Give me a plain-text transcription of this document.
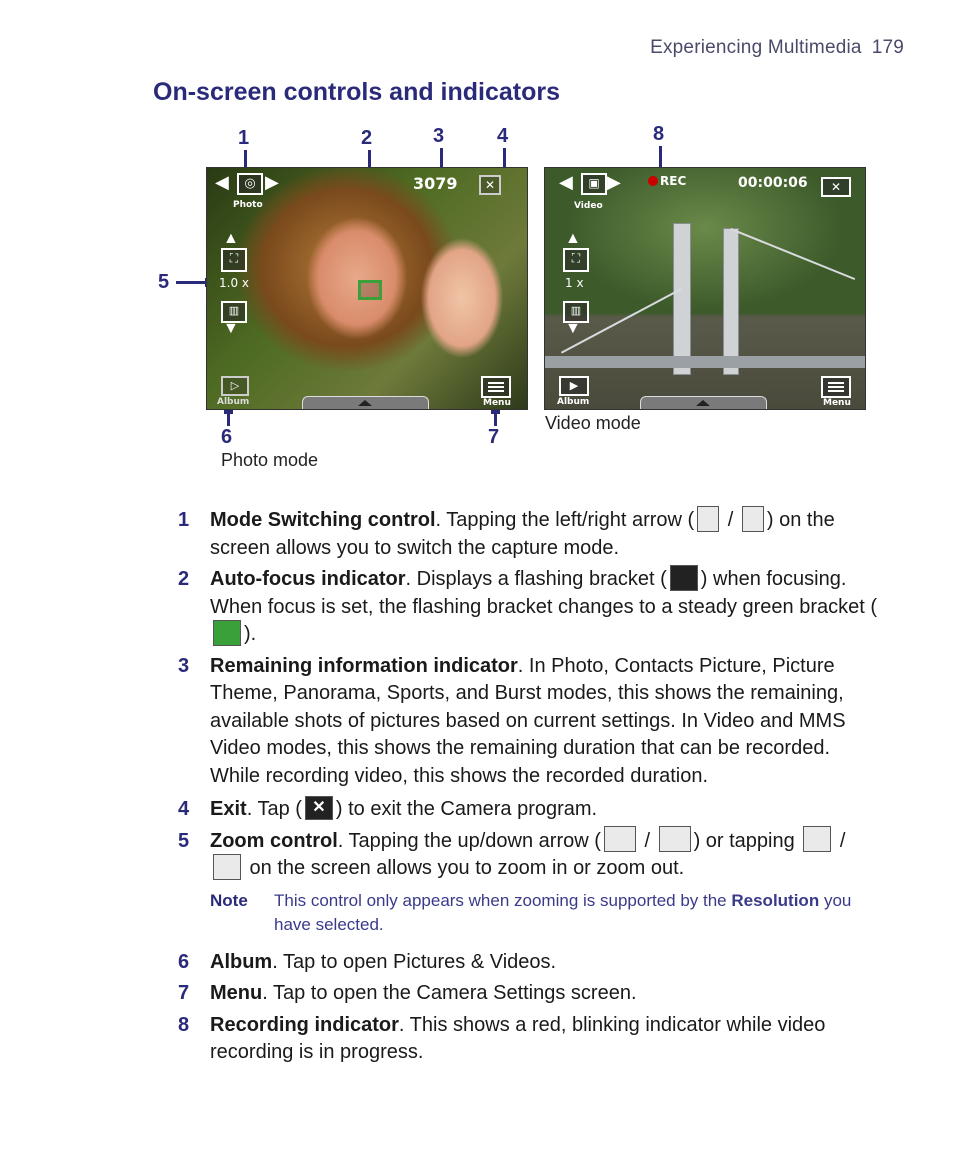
Experiencing Multimedia 179
On-screen controls and indicators
1	2	3	4
5
6	7
8
◀	◎ ▶
Photo
3079	✕
▲
⛶
1.0 x
▥
▼
▷
Album	Menu
Photo mode
◀	▣ ▶
Video
REC	00:00:06	✕
▲
⛶
1 x
▥
▼
▶
Album	Menu
Video mode
1 Mode Switching control. Tapping the left/right arrow ( / ) on the screen allows you to switch the capture mode.
2 Auto-focus indicator. Displays a flashing bracket ( ) when focusing. When focus is set, the flashing bracket changes to a steady green bracket ().
3 Remaining information indicator. In Photo, Contacts Picture, Picture Theme, Panorama, Sports, and Burst modes, this shows the remaining, available shots of pictures based on current settings. In Video and MMS Video modes, this shows the remaining duration that can be recorded. While recording video, this shows the recorded duration.
4 Exit. Tap ( ✕ ) to exit the Camera program.
5 Zoom control. Tapping the up/down arrow ( / ) or tapping  /  on the screen allows you to zoom in or zoom out.
Note This control only appears when zooming is supported by the Resolution you have selected.
6 Album. Tap to open Pictures & Videos.
7 Menu. Tap to open the Camera Settings screen.
8 Recording indicator. This shows a red, blinking indicator while video recording is in progress.
